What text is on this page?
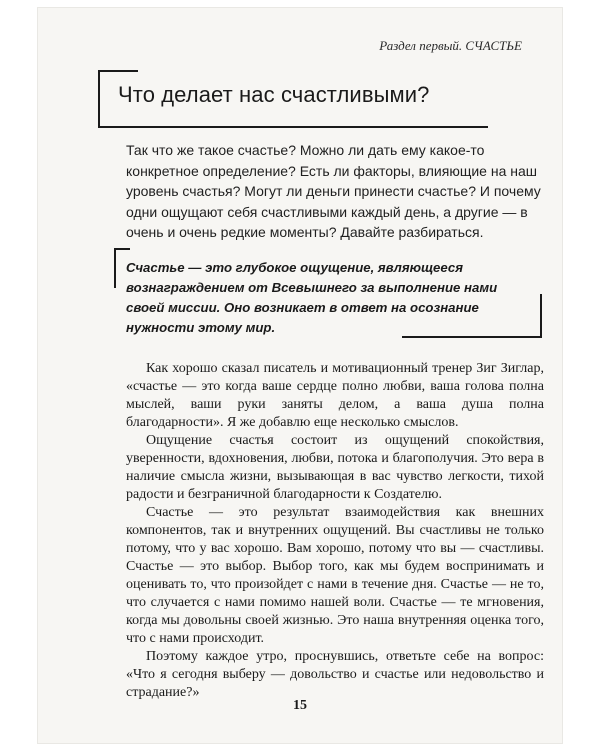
Раздел первый. СЧАСТЬЕ
Что делает нас счастливыми?

Так что же такое счастье? Можно ли дать ему какое-то конкретное определение? Есть ли факторы, влияющие на наш уровень счастья? Могут ли деньги принести счастье? И почему одни ощущают себя счастливыми каждый день, а другие — в очень и очень редкие моменты? Давайте разбираться.

Счастье — это глубокое ощущение, являющееся вознаграждением от Всевышнего за выполнение нами своей миссии. Оно возникает в ответ на осознание нужности этому мир.

Как хорошо сказал писатель и мотивационный тренер Зиг Зиглар, «счастье — это когда ваше сердце полно любви, ваша голова полна мыслей, ваши руки заняты делом, а ваша душа полна благодарности». Я же добавлю еще несколько смыслов.

Ощущение счастья состоит из ощущений спокойствия, уверенности, вдохновения, любви, потока и благополучия. Это вера в наличие смысла жизни, вызывающая в вас чувство легкости, тихой радости и безграничной благодарности к Создателю.

Счастье — это результат взаимодействия как внешних компонентов, так и внутренних ощущений. Вы счастливы не только потому, что у вас хорошо. Вам хорошо, потому что вы — счастливы. Счастье — это выбор. Выбор того, как мы будем воспринимать и оценивать то, что произойдет с нами в течение дня. Счастье — не то, что случается с нами помимо нашей воли. Счастье — те мгновения, когда мы довольны своей жизнью. Это наша внутренняя оценка того, что с нами происходит.

Поэтому каждое утро, проснувшись, ответьте себе на вопрос: «Что я сегодня выберу — довольство и счастье или недовольство и страдание?»

15
